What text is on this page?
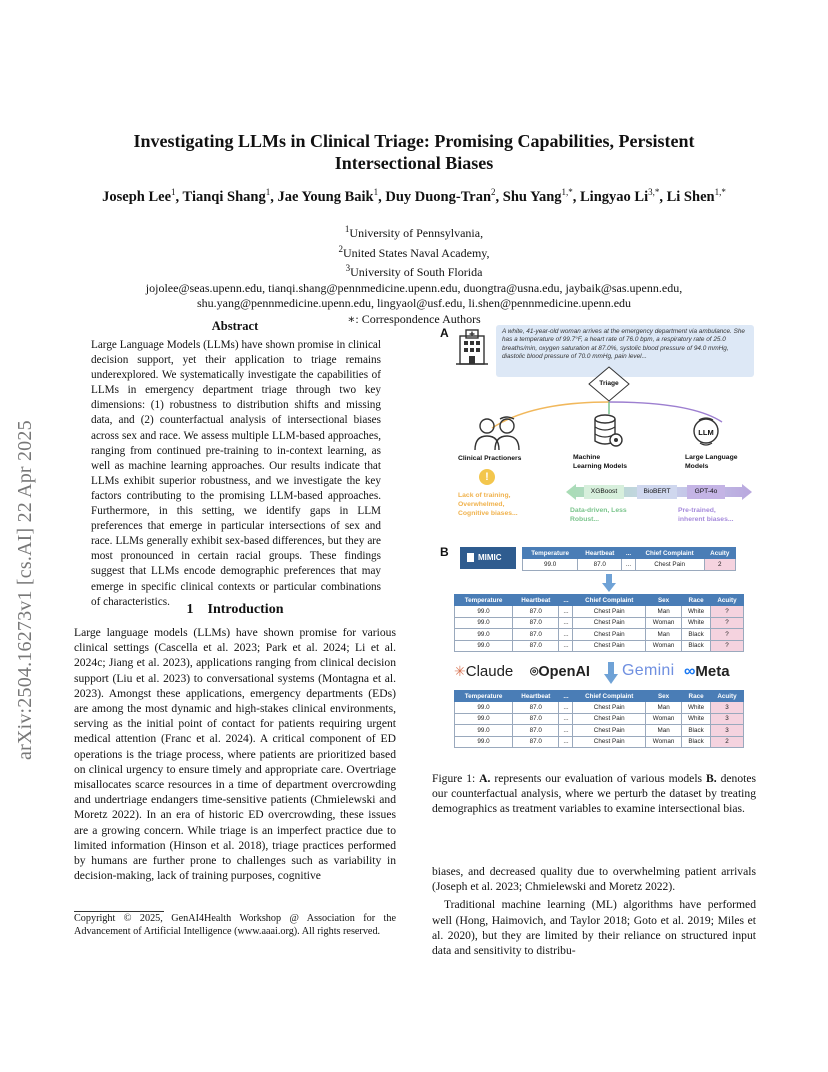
arXiv:2504.16273v1 [cs.AI] 22 Apr 2025
Investigating LLMs in Clinical Triage: Promising Capabilities, Persistent
Intersectional Biases
Joseph Lee$^1$, Tianqi Shang$^1$, Jae Young Baik$^1$, Duy Duong-Tran$^2$, Shu Yang$^{1,*}$, Lingyao $Li^{3,*}$, Li Shen$^{1,*}$
$^1$University of Pennsylvania,
$^2$United States Naval Academy,
$^3$University of South Florida
jojolee@seas.upenn.edu, tianqi.shang@pennmedicine.upenn.edu, duongtra@usna.edu, jaybaik@sas.upenn.edu,
shu.yang@pennmedicine.upenn.edu, lingyaol@usf.edu, li.shen@pennmedicine.upenn.edu
∗: Correspondence Authors
Abstract
Large Language Models (LLMs) have shown promise in clinical decision support, yet their application to triage remains underexplored. We systematically investigate the capabilities of LLMs in emergency department triage through two key dimensions: (1) robustness to distribution shifts and missing data, and (2) counterfactual analysis of intersectional biases across sex and race. We assess multiple LLM-based approaches, ranging from continued pre-training to in-context learning, as well as machine learning approaches. Our results indicate that LLMs exhibit superior robustness, and we investigate the key factors contributing to the promising LLM-based approaches. Furthermore, in this setting, we identify gaps in LLM preferences that emerge in particular intersections of sex and race. LLMs generally exhibit sex-based differences, but they are most pronounced in certain racial groups. These findings suggest that LLMs encode demographic preferences that may emerge in specific clinical contexts or particular combinations of characteristics.
1    Introduction
Large language models (LLMs) have shown promise for various clinical settings (Cascella et al. 2023; Park et al. 2024; Li et al. 2024c; Jiang et al. 2023), applications ranging from clinical decision support (Liu et al. 2023) to conversational systems (Montagna et al. 2023). Amongst these applications, emergency departments (EDs) are among the most dynamic and high-stakes clinical environments, serving as the initial point of contact for patients requiring urgent medical attention (Franc et al. 2024). A critical component of ED operations is the triage process, where patients are prioritized based on clinical urgency to ensure timely and appropriate care. Overtriage misallocates scarce resources in a time of department overcrowding and undertriage endangers time-sensitive patients (Chmielewski and Moretz 2022). In an era of historic ED overcrowding, these issues are a growing concern. While triage is an imperfect practice due to limited information (Hinson et al. 2018), triage practices performed by humans are further prone to challenges such as variability in decision-making, lack of training purposes, cognitive
Copyright © 2025, GenAI4Health Workshop @ Association for the Advancement of Artificial Intelligence (www.aaai.org). All rights reserved.
A	A white, 41-year-old woman arrives at the emergency department via ambulance. She has a temperature of 99.7°F, a heart rate of 76.0 bpm, a respiratory rate of 25.0 breaths/min, oxygen saturation at 87.0%, systolic blood pressure of 94.0 mmHg, diastolic blood pressure of 70.0 mmHg, pain level...
Triage
LLM
Clinical Practioners	Machine
Learning Models
Large Language
Models
!
Lack of training,
Overwhelmed,
Cognitive biases...
XGBoost	BioBERT	GPT-4o
Data-driven, Less
Robust...
Pre-trained,
inherent biases...
B	MIMIC	Temperature	Heartbeat	...	Chief Complaint	Acuity
99.0	87.0	...	Chest Pain	2
Temperature	Heartbeat	...	Chief Complaint	Sex	Race	Acuity
99.0	87.0	...	Chest Pain	Man	White	?
99.0	87.0	...	Chest Pain	Woman	White	?
99.0	87.0	...	Chest Pain	Man	Black	?
99.0	87.0	...	Chest Pain	Woman	Black	?
✳Claude ⌾OpenAI Gemini ∞Meta
Temperature	Heartbeat	...	Chief Complaint	Sex	Race	Acuity
99.0	87.0	...	Chest Pain	Man	White	3
99.0	87.0	...	Chest Pain	Woman	White	3
99.0	87.0	...	Chest Pain	Man	Black	3
99.0	87.0	...	Chest Pain	Woman	Black	2
Figure 1: A. represents our evaluation of various models B. denotes our counterfactual analysis, where we perturb the dataset by treating demographics as treatment variables to examine intersectional bias.

biases, and decreased quality due to overwhelming patient arrivals (Joseph et al. 2023; Chmielewski and Moretz 2022).

Traditional machine learning (ML) algorithms have performed well (Hong, Haimovich, and Taylor 2018; Goto et al. 2019; Miles et al. 2020), but they are limited by their reliance on structured input data and sensitivity to distribu-
